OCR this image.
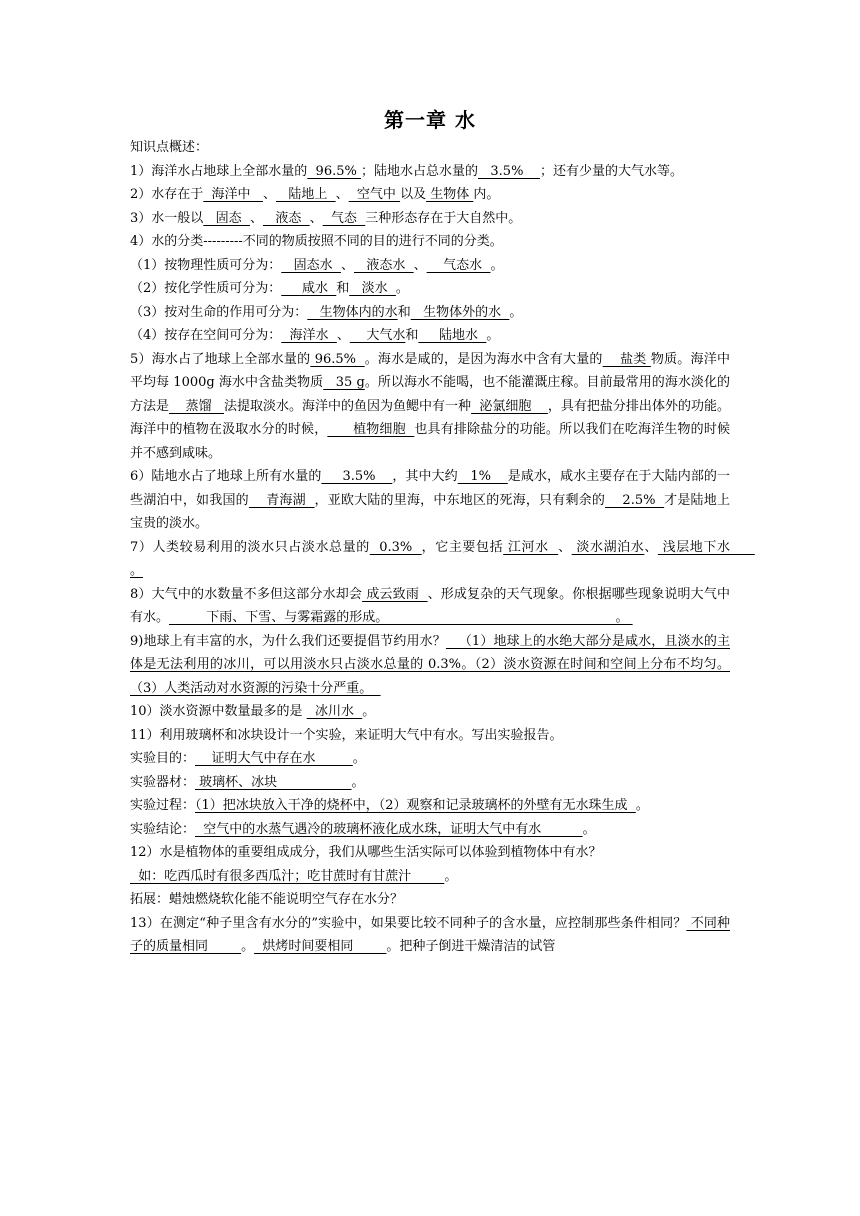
第一章 水

知识点概述：

1）海洋水占地球上全部水量的  96.5% ；陆地水占总水量的   3.5%    ；还有少量的大气水等。

2）水存在于  海洋中   、   陆地上  、  空气中 以及 生物体 内。

3）水一般以   固态  、   液态  、  气态  三种形态存在于大自然中。

4）水的分类---------不同的物质按照不同的目的进行不同的分类。

（1）按物理性质可分为：   固态水  、   液态水  、    气态水  。

（2）按化学性质可分为：     咸水  和   淡水  。

（3）按对生命的作用可分为：   生物体内的水和   生物体外的水  。

（4）按存在空间可分为：  海洋水  、    大气水和     陆地水  。

5）海水占了地球上全部水量的 96.5%  。海水是咸的，是因为海水中含有大量的    盐类 物质。海洋中平均每 1000g 海水中含盐类物质   35 g。所以海水不能喝，也不能灌溉庄稼。目前最常用的海水淡化的方法是    蒸馏   法提取淡水。海洋中的鱼因为鱼鳃中有一种  泌氯细胞    ，具有把盐分排出体外的功能。海洋中的植物在汲取水分的时候，      植物细胞  也具有排除盐分的功能。所以我们在吃海洋生物的时候并不感到咸味。

6）陆地水占了地球上所有水量的     3.5%    ，其中大约   1%    是咸水，咸水主要存在于大陆内部的一些湖泊中，如我国的    青海湖  ，亚欧大陆的里海，中东地区的死海，只有剩余的    2.5%  才是陆地上宝贵的淡水。

7）人类较易利用的淡水只占淡水总量的  0.3%  ，它主要包括 江河水  、 淡水湖泊水、 浅层地下水      。

8）大气中的水数量不多但这部分水却会 成云致雨  、形成复杂的天气现象。你根据哪些现象说明大气中有水。         下雨、下雪、与雾霜露的形成。                                                       。

9)地球上有丰富的水，为什么我们还要提倡节约用水？   （1）地球上的水绝大部分是咸水，且淡水的主体是无法利用的冰川，可以用淡水只占淡水总量的 0.3%。（2）淡水资源在时间和空间上分布不均匀。（3）人类活动对水资源的污染十分严重。

10）淡水资源中数量最多的是   冰川水  。

11）利用玻璃杯和冰块设计一个实验，来证明大气中有水。写出实验报告。

实验目的：    证明大气中存在水         。

实验器材： 玻璃杯、冰块                  。

实验过程：（1）把冰块放入干净的烧杯中，（2）观察和记录玻璃杯的外壁有无水珠生成  。

实验结论：  空气中的水蒸气遇冷的玻璃杯液化成水珠，证明大气中有水          。

12）水是植物体的重要组成成分，我们从哪些生活实际可以体验到植物体中有水？

如：吃西瓜时有很多西瓜汁；吃甘蔗时有甘蔗汁        。

拓展：蜡烛燃烧软化能不能说明空气存在水分？

13）在测定“种子里含有水分的”实验中，如果要比较不同种子的含水量，应控制那些条件相同？ 不同种子的质量相同        。  烘烤时间要相同        。把种子倒进干燥清洁的试管
